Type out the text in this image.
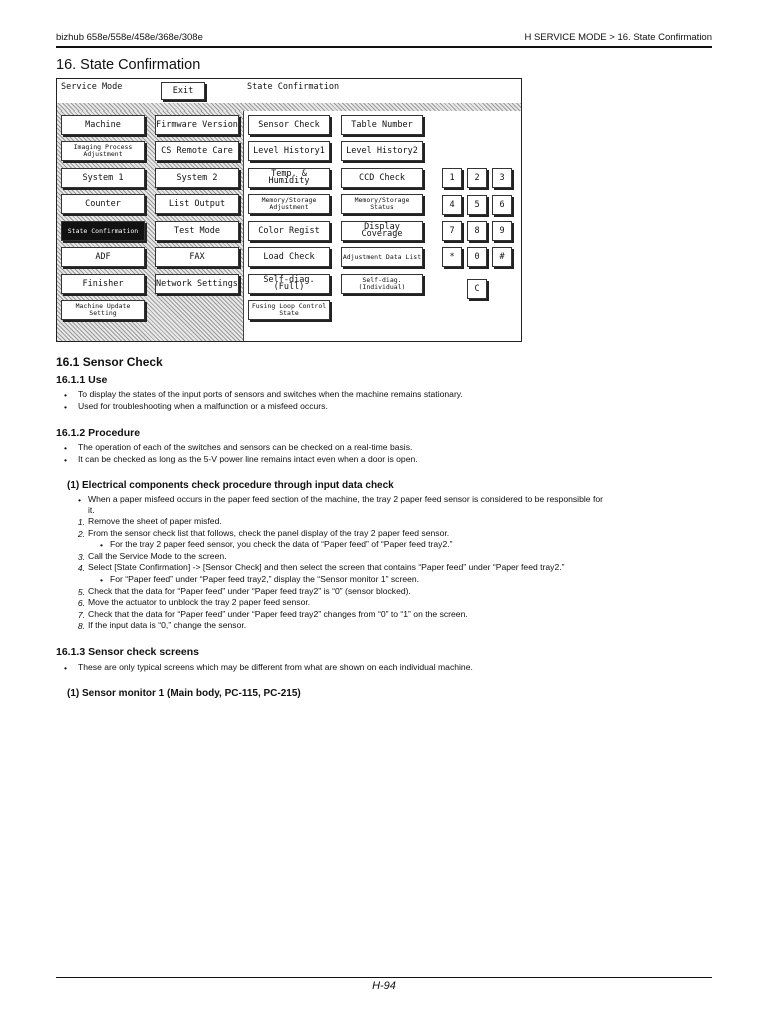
bizhub 658e/558e/458e/368e/308e	H SERVICE MODE > 16. State Confirmation
16. State Confirmation
Service Mode	Exit	State Confirmation
Machine	Firmware Version
Imaging Process Adjustment	CS Remote Care
System 1	System 2
Counter	List Output
State Confirmation	Test Mode
ADF	FAX
Finisher	Network Settings
Machine Update Setting
Sensor Check	Table Number
Level History1	Level History2
Temp. & Humidity	CCD Check
Memory/Storage Adjustment
Memory/Storage Status
Color Regist	Display Coverage
Load Check	Adjustment Data List
Self-diag.(Full)
Self-diag.(Individual)
Fusing Loop Control State
1	2	3
4	5	6
7	8	9
*	0	#
C
16.1 Sensor Check
16.1.1 Use
• To display the states of the input ports of sensors and switches when the machine remains stationary.
• Used for troubleshooting when a malfunction or a misfeed occurs.
16.1.2 Procedure
• The operation of each of the switches and sensors can be checked on a real-time basis.
• It can be checked as long as the 5-V power line remains intact even when a door is open.
(1) Electrical components check procedure through input data check
• When a paper misfeed occurs in the paper feed section of the machine, the tray 2 paper feed sensor is considered to be responsible for
it.
1. Remove the sheet of paper misfed.
2. From the sensor check list that follows, check the panel display of the tray 2 paper feed sensor.
• For the tray 2 paper feed sensor, you check the data of “Paper feed” of “Paper feed tray2.”
3. Call the Service Mode to the screen.
4. Select [State Confirmation] -> [Sensor Check] and then select the screen that contains “Paper feed” under “Paper feed tray2.”
• For “Paper feed” under “Paper feed tray2,” display the “Sensor monitor 1” screen.
5. Check that the data for “Paper feed” under “Paper feed tray2” is “0” (sensor blocked).
6. Move the actuator to unblock the tray 2 paper feed sensor.
7. Check that the data for “Paper feed” under “Paper feed tray2” changes from “0” to “1” on the screen.
8. If the input data is “0,” change the sensor.
16.1.3 Sensor check screens
• These are only typical screens which may be different from what are shown on each individual machine.
(1) Sensor monitor 1 (Main body, PC-115, PC-215)
H-94
